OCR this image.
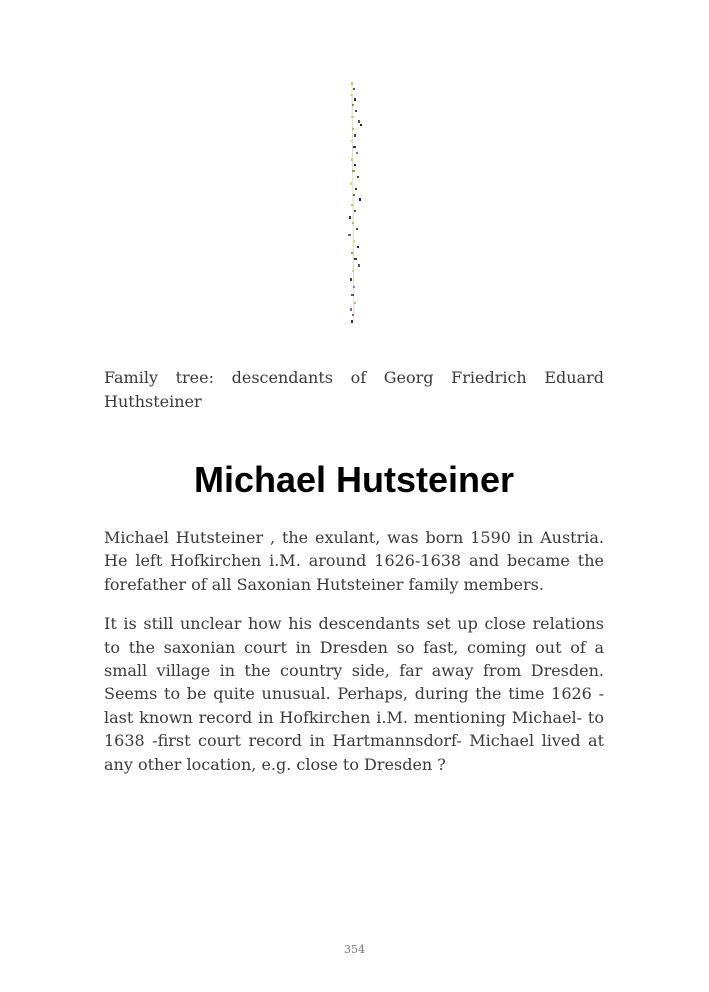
Family tree: descendants of Georg Friedrich Eduard Huthsteiner

Michael Hutsteiner

Michael Hutsteiner , the exulant, was born 1590 in Austria. He left Hofkirchen i.M. around 1626-1638 and became the forefather of all Saxonian Hutsteiner family members.

It is still unclear how his descendants set up close relations to the saxonian court in Dresden so fast, coming out of a small village in the country side, far away from Dresden. Seems to be quite unusual. Perhaps, during the time 1626 -last known record in Hofkirchen i.M. mentioning Michael- to 1638 -first court record in Hartmannsdorf- Michael lived at any other location, e.g. close to Dresden ?

354
